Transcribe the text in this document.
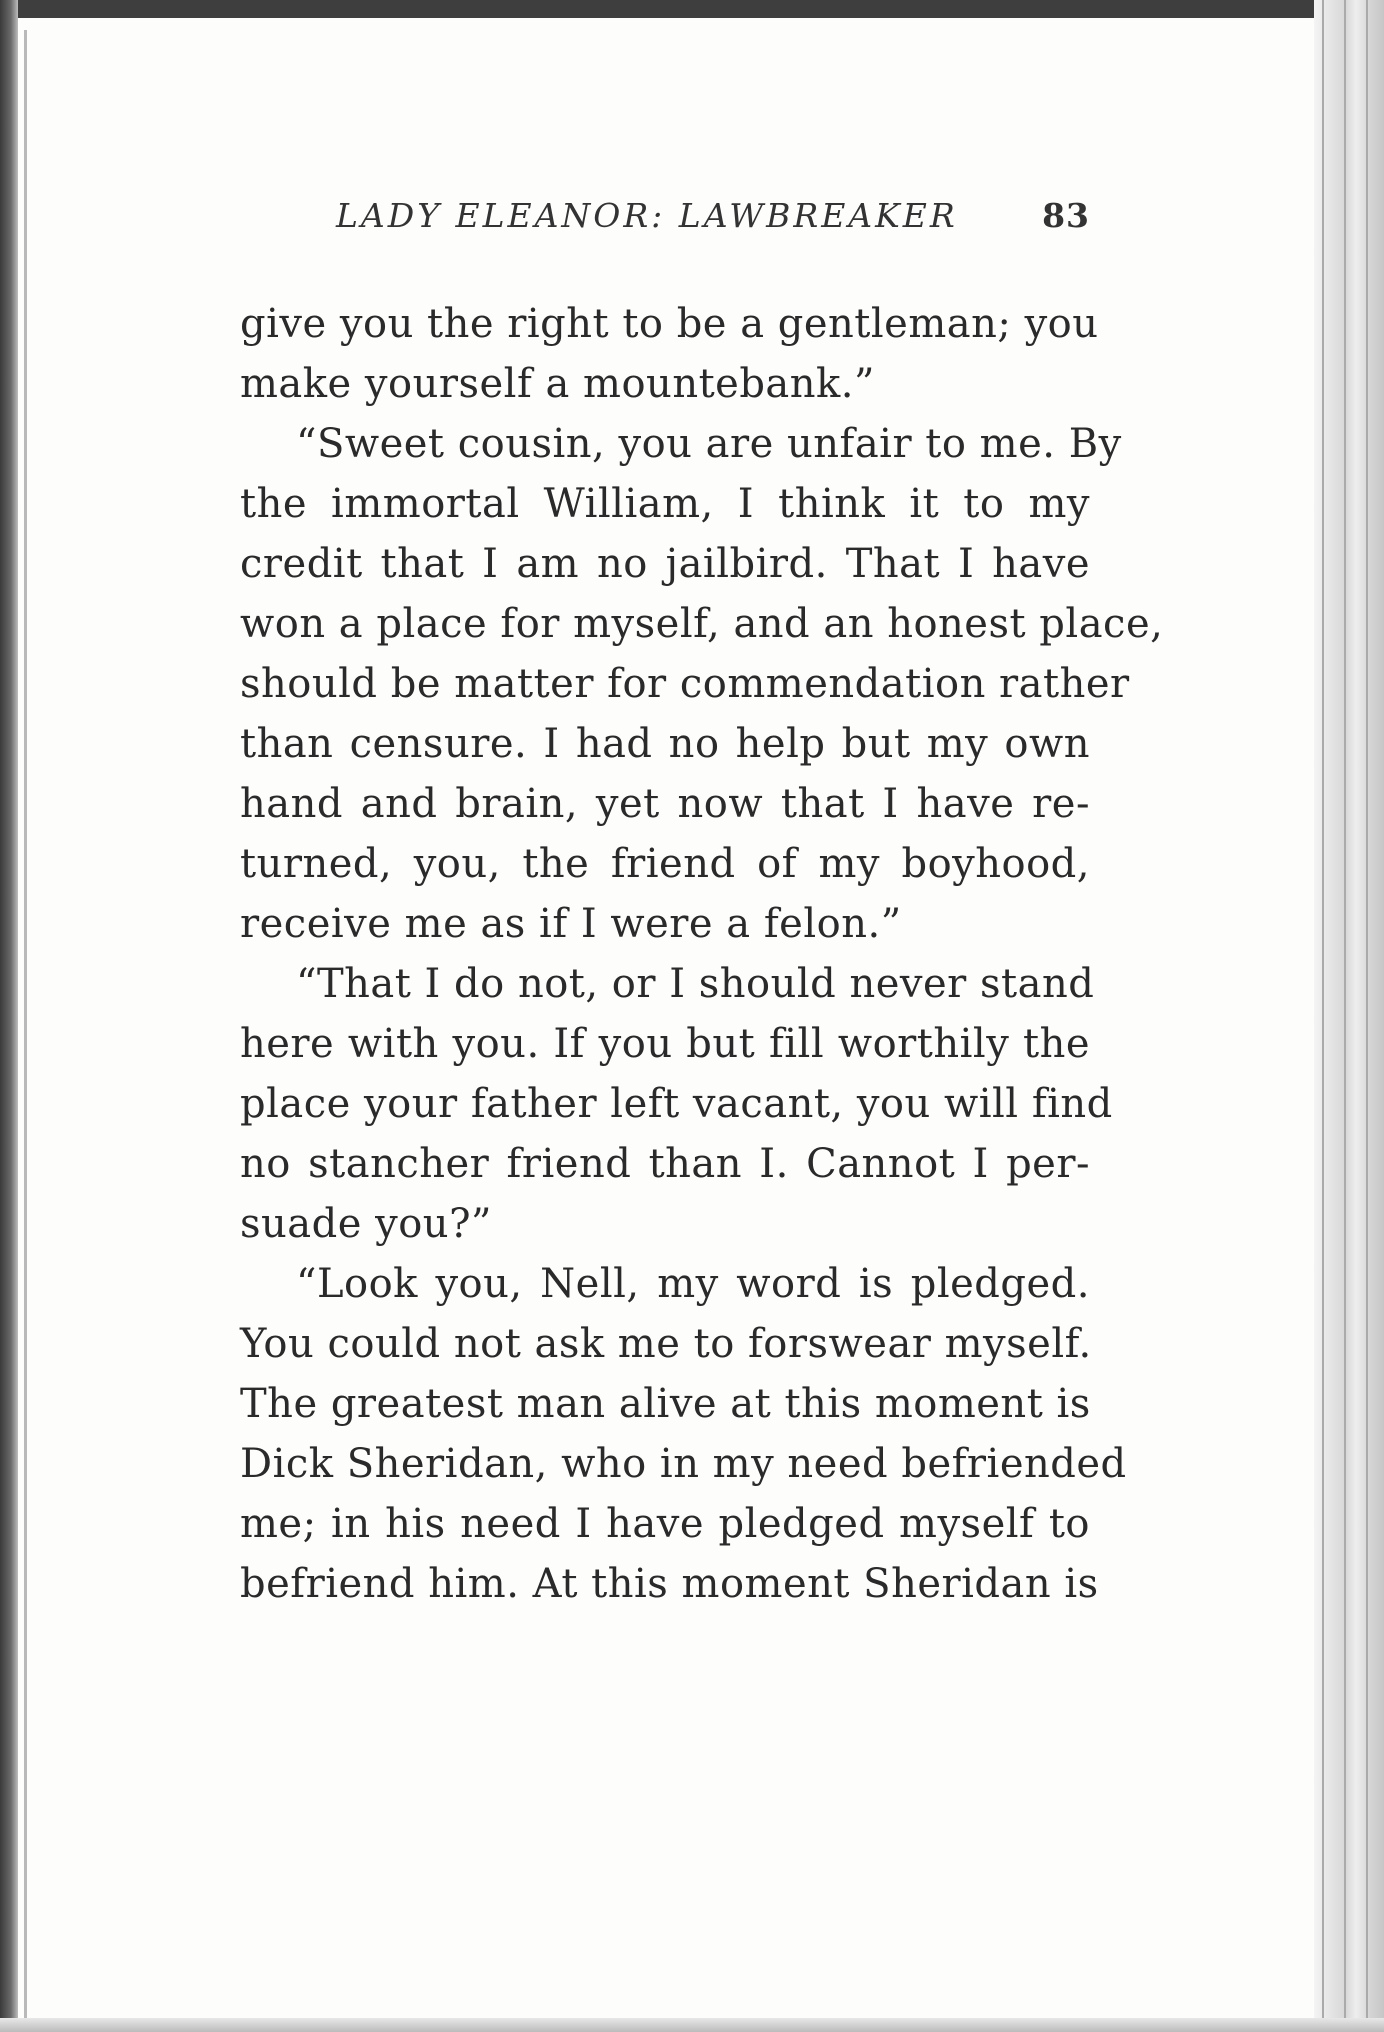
LADY ELEANOR: LAWBREAKER	83

give you the right to be a gentleman; you
make yourself a mountebank.”

“Sweet cousin, you are unfair to me. By
the immortal William, I think it to my
credit that I am no jailbird. That I have
won a place for myself, and an honest place,
should be matter for commendation rather
than censure. I had no help but my own
hand and brain, yet now that I have re-
turned, you, the friend of my boyhood,
receive me as if I were a felon.”

“That I do not, or I should never stand
here with you. If you but fill worthily the
place your father left vacant, you will find
no stancher friend than I. Cannot I per-
suade you?”

“Look you, Nell, my word is pledged.
You could not ask me to forswear myself.
The greatest man alive at this moment is
Dick Sheridan, who in my need befriended
me; in his need I have pledged myself to
befriend him. At this moment Sheridan is
